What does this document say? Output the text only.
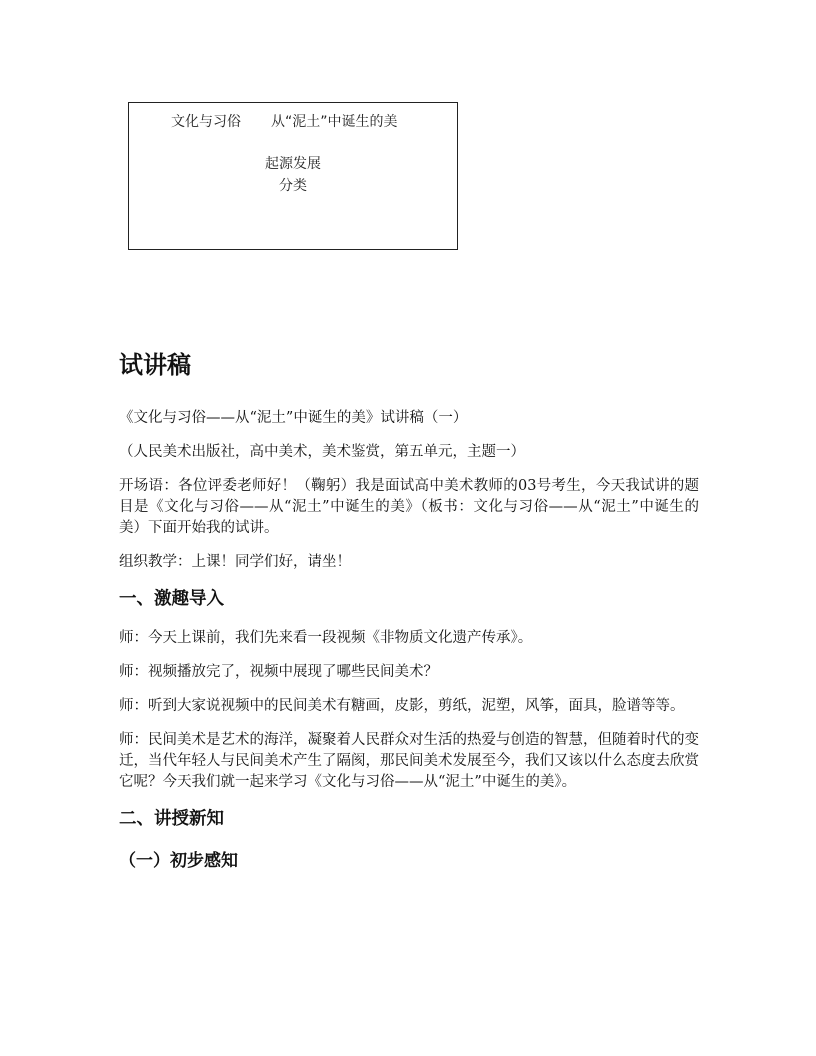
文化与习俗 从“泥土”中诞生的美
起源发展
分类
试讲稿

《文化与习俗——从“泥土”中诞生的美》试讲稿（一）

（人民美术出版社，高中美术，美术鉴赏，第五单元，主题一）

开场语：各位评委老师好！（鞠躬）我是面试高中美术教师的03号考生，今天我试讲的题目是《文化与习俗——从“泥土”中诞生的美》（板书：文化与习俗——从“泥土”中诞生的美）下面开始我的试讲。

组织教学：上课！同学们好，请坐！

一、激趣导入

师：今天上课前，我们先来看一段视频《非物质文化遗产传承》。

师：视频播放完了，视频中展现了哪些民间美术？

师：听到大家说视频中的民间美术有糖画，皮影，剪纸，泥塑，风筝，面具，脸谱等等。

师：民间美术是艺术的海洋，凝聚着人民群众对生活的热爱与创造的智慧，但随着时代的变迁，当代年轻人与民间美术产生了隔阂，那民间美术发展至今，我们又该以什么态度去欣赏它呢？今天我们就一起来学习《文化与习俗——从“泥土”中诞生的美》。

二、讲授新知
（一）初步感知
